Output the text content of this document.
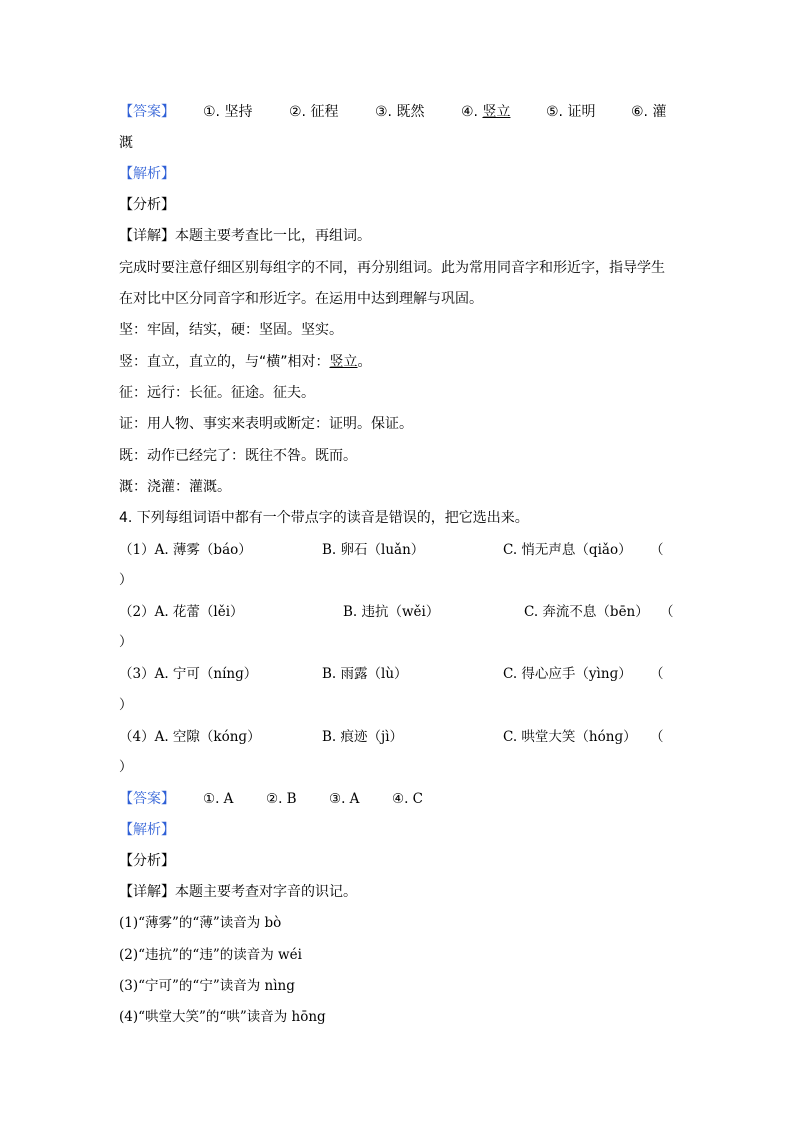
【答案】 ①. 坚持	②. 征程	③. 既然	④. 竖立	⑤. 证明	⑥. 灌
溉
【解析】
【分析】
【详解】本题主要考查比一比，再组词。
完成时要注意仔细区别每组字的不同，再分别组词。此为常用同音字和形近字，指导学生
在对比中区分同音字和形近字。在运用中达到理解与巩固。
坚：牢固，结实，硬：坚固。坚实。
竖：直立，直立的，与“横”相对：竖立。
征：远行：长征。征途。征夫。
证：用人物、事实来表明或断定：证明。保证。
既：动作已经完了：既往不咎。既而。
溉：浇灌：灌溉。
4. 下列每组词语中都有一个带点字的读音是错误的，把它选出来。
（1）A. 薄雾（báo）	B. 卵石（luǎn）	C. 悄无声息（qiǎo） （
）
（2）A. 花蕾（lěi）	B. 违抗（wěi）	C. 奔流不息（bēn） （
）
（3）A. 宁可（nínɡ）	B. 雨露（lù）	C. 得心应手（yìnɡ） （
）
（4）A. 空隙（kónɡ）	B. 痕迹（jì）	C. 哄堂大笑（hónɡ） （
）
【答案】 ①. A ②. B ③. A ④. C
【解析】
【分析】
【详解】本题主要考查对字音的识记。
(1)“薄雾”的“薄”读音为 bò
(2)“违抗”的“违”的读音为 wéi
(3)“宁可”的“宁”读音为 nìng
(4)“哄堂大笑”的“哄”读音为 hōng
